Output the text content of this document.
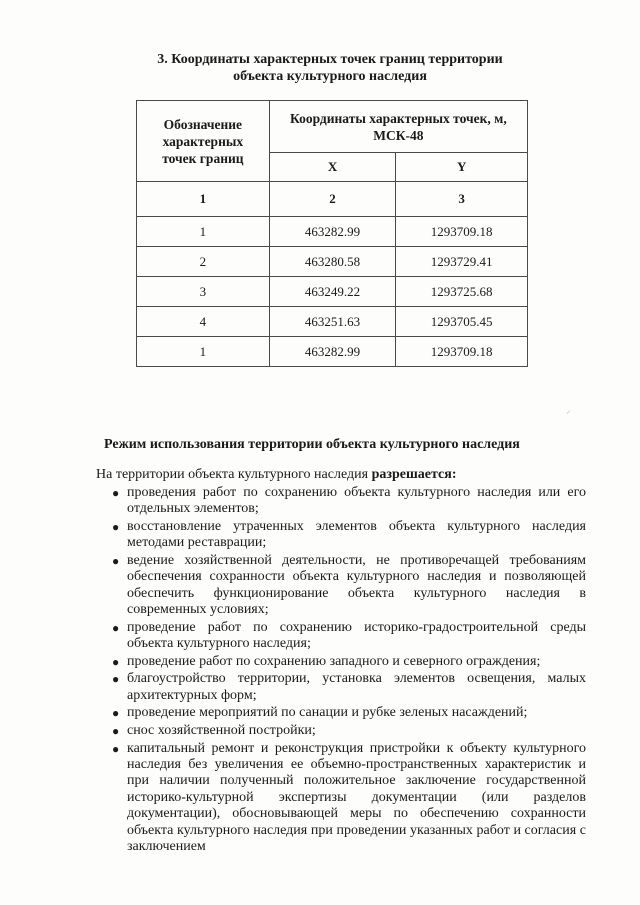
3. Координаты характерных точек границ территории
объекта культурного наследия
Обозначение
характерных
точек границ	Координаты характерных точек, м,
МСК-48	

	X	Y
1	2	3
1	463282.99	1293709.18
2	463280.58	1293729.41
3	463249.22	1293725.68
4	463251.63	1293705.45
1	463282.99	1293709.18
⸝
Режим использования территории объекта культурного наследия
На территории объекта культурного наследия разрешается:
● проведения работ по сохранению объекта культурного наследия или его отдельных элементов;
● восстановление утраченных элементов объекта культурного наследия методами реставрации;
● ведение хозяйственной деятельности, не противоречащей требованиям обеспечения сохранности объекта культурного наследия и позволяющей обеспечить функционирование объекта культурного наследия в современных условиях;
● проведение работ по сохранению историко-градостроительной среды объекта культурного наследия;
● проведение работ по сохранению западного и северного ограждения;
● благоустройство территории, установка элементов освещения, малых архитектурных форм;
● проведение мероприятий по санации и рубке зеленых насаждений;
● снос хозяйственной постройки;
● капитальный ремонт и реконструкция пристройки к объекту культурного наследия без увеличения ее объемно-пространственных характеристик и при наличии полученный положительное заключение государственной историко-культурной экспертизы документации (или разделов документации), обосновывающей меры по обеспечению сохранности объекта культурного наследия при проведении указанных работ и согласия с заключением
